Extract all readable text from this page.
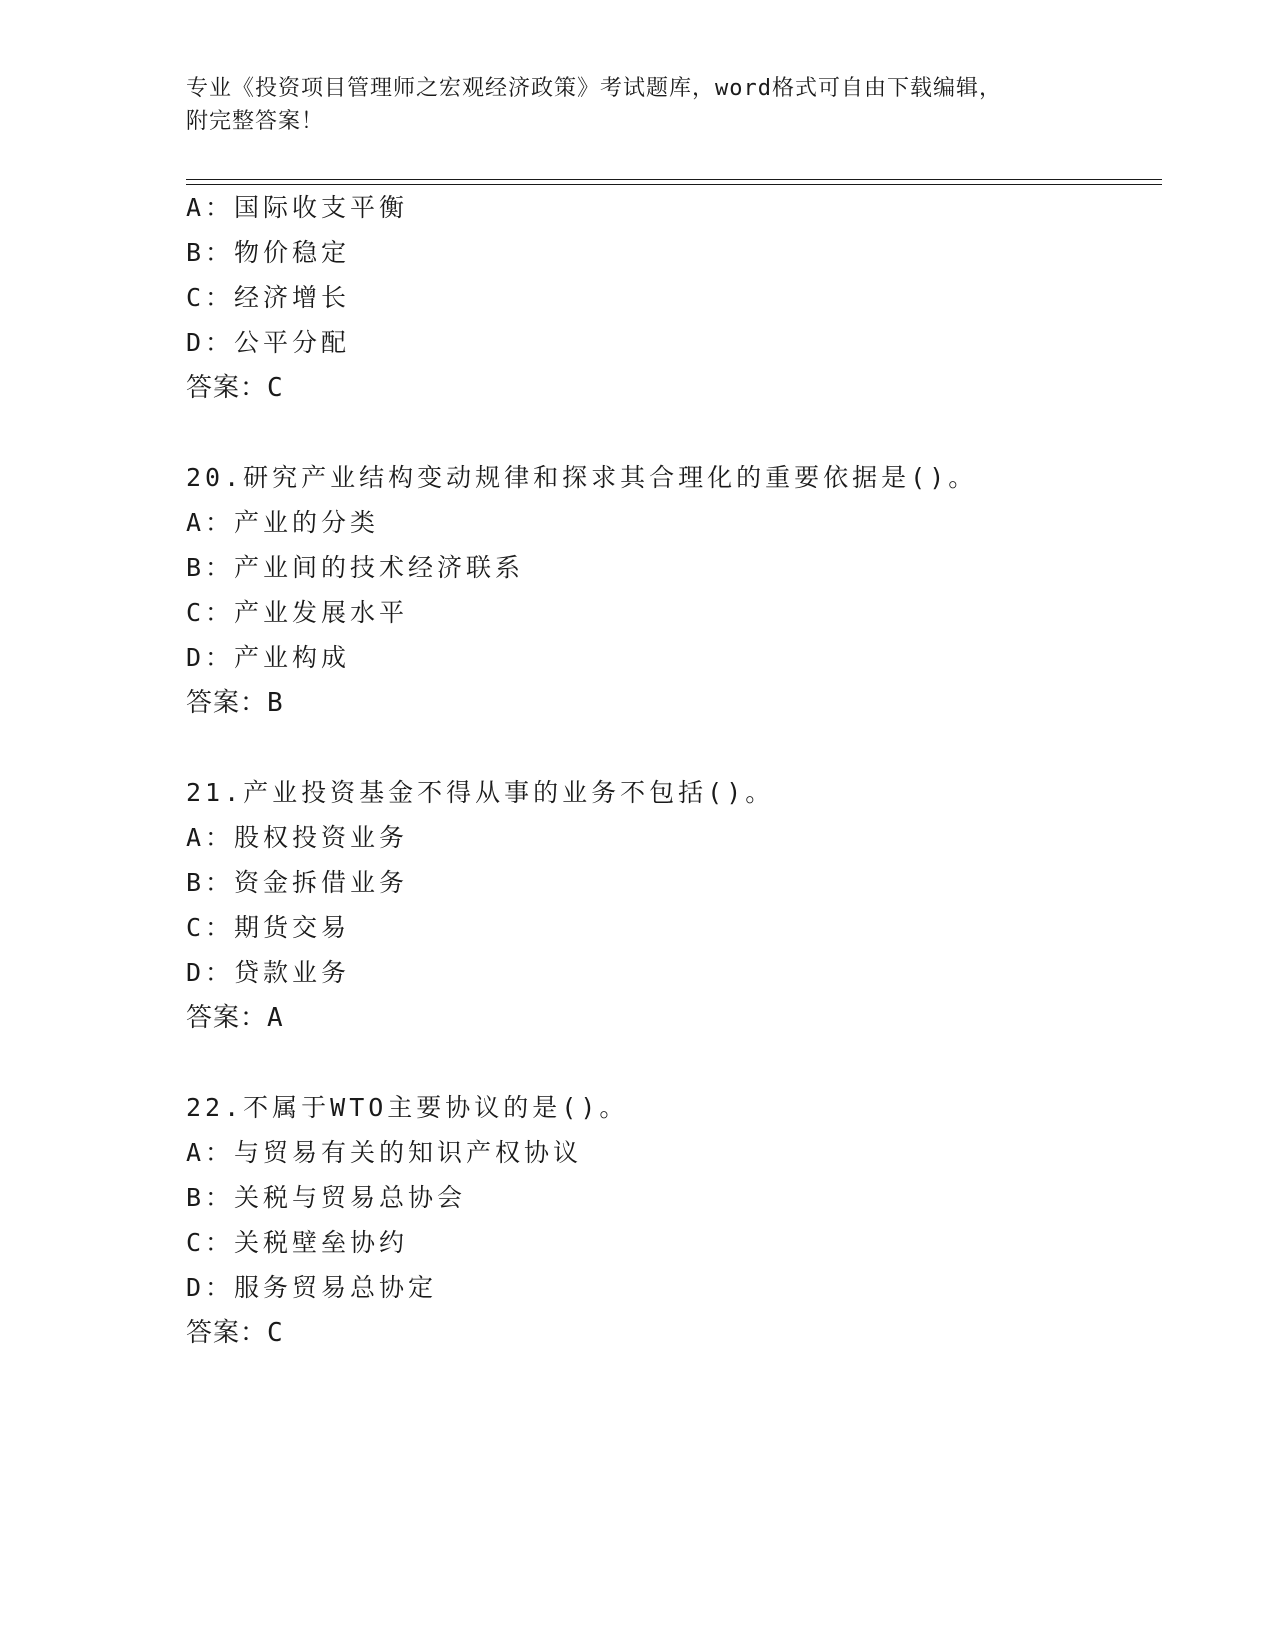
专业《投资项目管理师之宏观经济政策》考试题库，word格式可自由下载编辑，
附完整答案！
A：国际收支平衡
B：物价稳定
C：经济增长
D：公平分配
答案：C
20.研究产业结构变动规律和探求其合理化的重要依据是()。
A：产业的分类
B：产业间的技术经济联系
C：产业发展水平
D：产业构成
答案：B
21.产业投资基金不得从事的业务不包括()。
A：股权投资业务
B：资金拆借业务
C：期货交易
D：贷款业务
答案：A
22.不属于WTO主要协议的是()。
A：与贸易有关的知识产权协议
B：关税与贸易总协会
C：关税壁垒协约
D：服务贸易总协定
答案：C
